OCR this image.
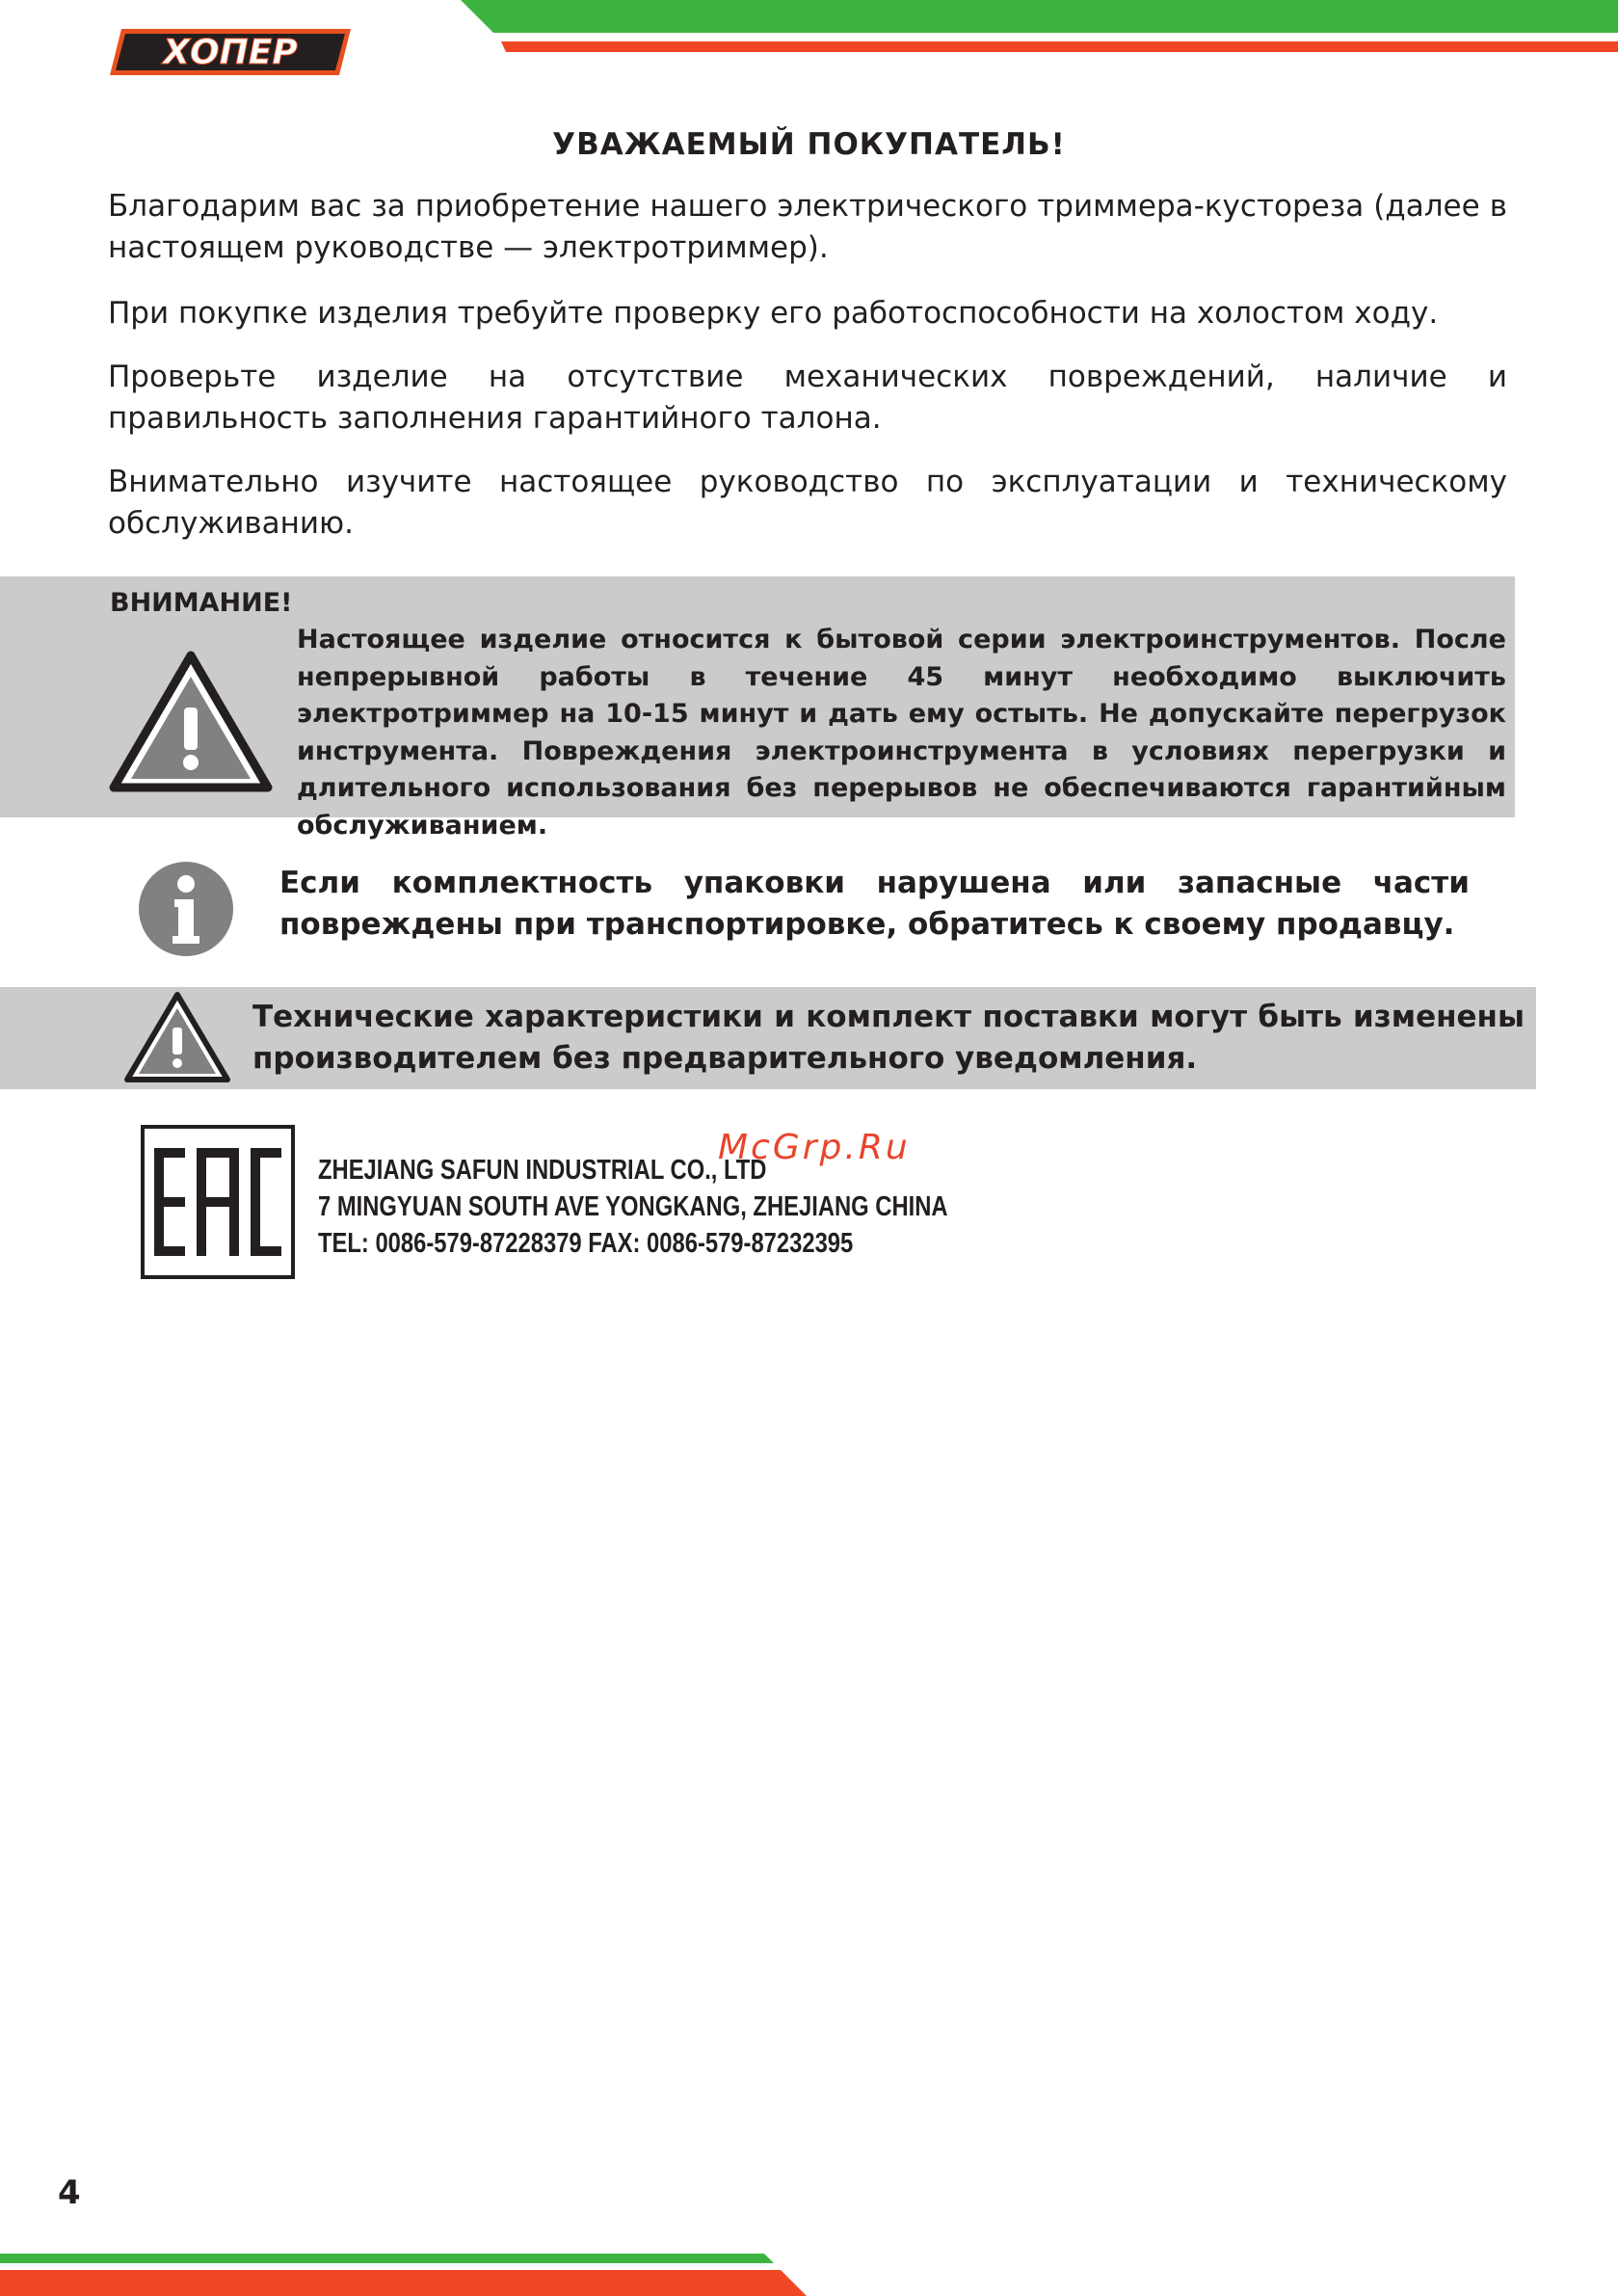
ХОПЕР
УВАЖАЕМЫЙ ПОКУПАТЕЛЬ!
Благодарим вас за приобретение нашего электрического триммера-кустореза (далее в настоящем руководстве — электротриммер).
При покупке изделия требуйте проверку его работоспособности на холостом ходу.
Проверьте изделие на отсутствие механических повреждений, наличие и правильность заполнения гарантийного талона.
Внимательно изучите настоящее руководство по эксплуатации и техническому обслуживанию.
ВНИМАНИЕ!
Настоящее изделие относится к бытовой серии электроинструментов. После непрерывной работы в течение 45 минут необходимо выключить электротриммер на 10-15 минут и дать ему остыть. Не допускайте перегрузок инструмента. Повреждения электроинструмента в условиях перегрузки и длительного использования без перерывов не обеспечиваются гарантийным обслуживанием.
Если комплектность упаковки нарушена или запасные части повреждены при транспортировке, обратитесь к своему продавцу.
Технические характеристики и комплект поставки могут быть изменены производителем без предварительного уведомления.
ZHEJIANG SAFUN INDUSTRIAL CO., LTD
7 MINGYUAN SOUTH AVE YONGKANG, ZHEJIANG CHINA
TEL: 0086-579-87228379 FAX: 0086-579-87232395
McGrp.Ru
4
